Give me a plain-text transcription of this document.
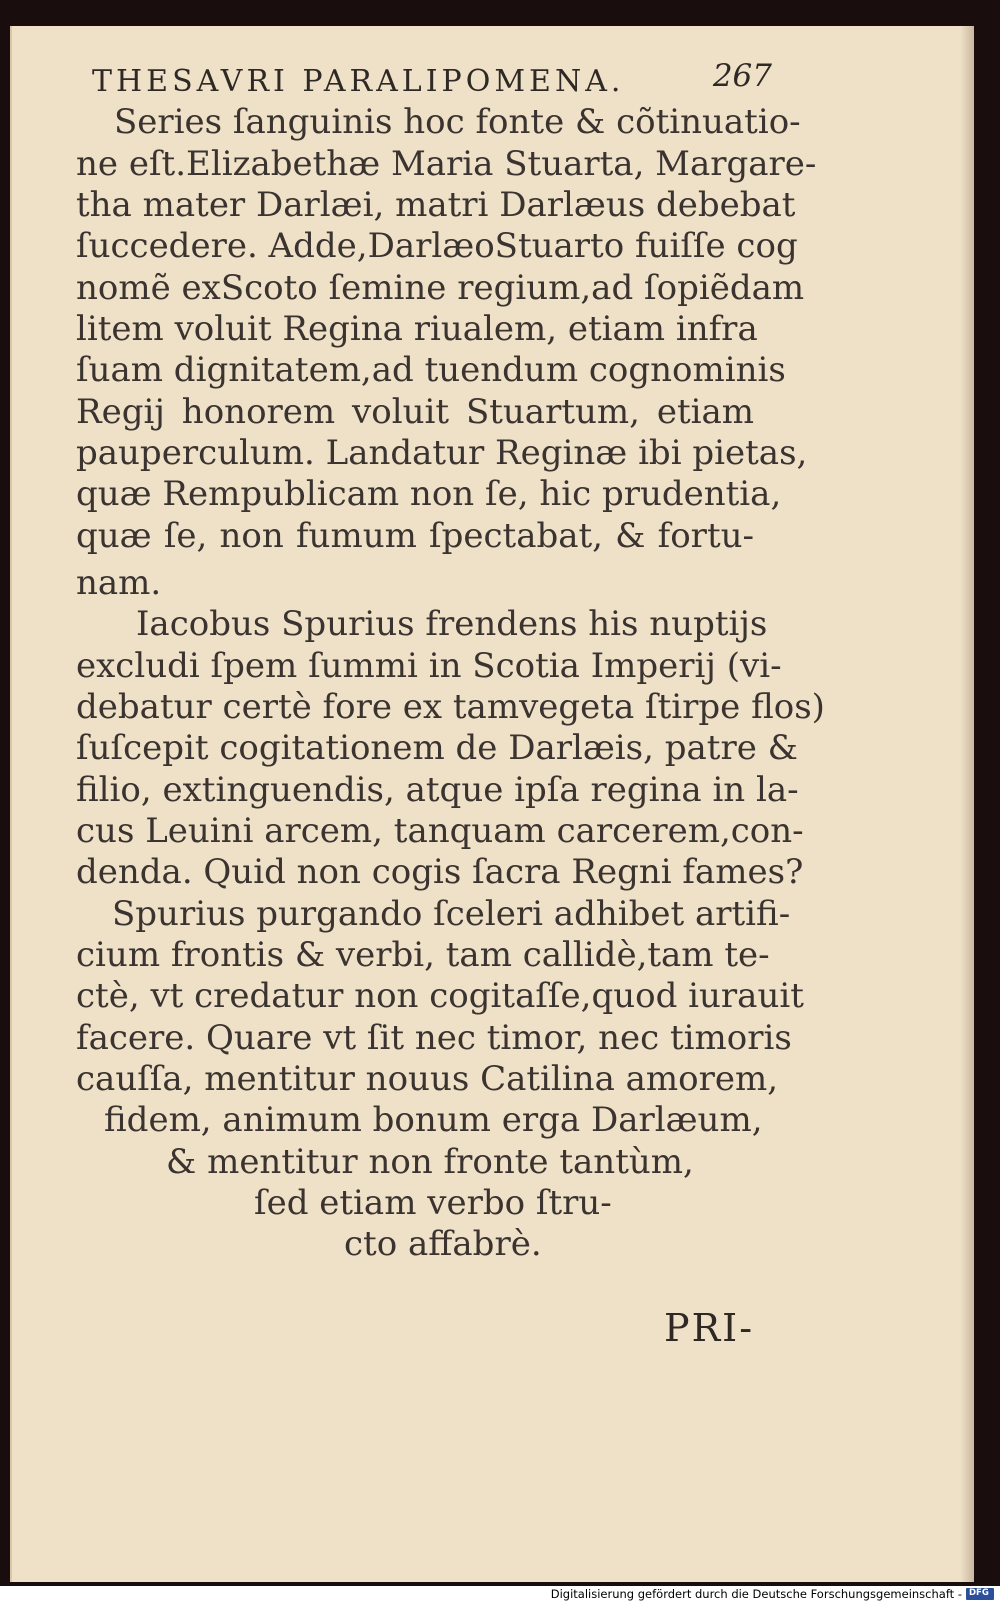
THESAVRI PARALIPOMENA.	267
Series ſanguinis hoc fonte & cõtinuatio-
ne eſt.Elizabethæ Maria Stuarta, Margare-
tha mater Darlæi, matri Darlæus debebat
ſuccedere. Adde,DarlæoStuarto fuiſſe cog
nomẽ exScoto ſemine regium,ad ſopiẽdam
litem voluit Regina riualem, etiam infra
ſuam dignitatem,ad tuendum cognominis
Regij honorem voluit Stuartum, etiam
pauperculum. Landatur Reginæ ibi pietas,
quæ Rempublicam non ſe, hic prudentia,
quæ ſe, non fumum ſpectabat, & fortu-
nam.
Iacobus Spurius frendens his nuptijs
excludi ſpem ſummi in Scotia Imperij (vi-
debatur certè fore ex tamvegeta ſtirpe flos)
ſuſcepit cogitationem de Darlæis, patre &
filio, extinguendis, atque ipſa regina in la-
cus Leuini arcem, tanquam carcerem,con-
denda. Quid non cogis ſacra Regni fames?
Spurius purgando ſceleri adhibet artifi-
cium frontis & verbi, tam callidè,tam te-
ctè, vt credatur non cogitaſſe,quod iurauit
facere. Quare vt ſit nec timor, nec timoris
cauſſa, mentitur nouus Catilina amorem,
fidem, animum bonum erga Darlæum,
& mentitur non fronte tantùm,
ſed etiam verbo ſtru-
cto affabrè.
PRI-
Digitalisierung gefördert durch die Deutsche Forschungsgemeinschaft - DFG
